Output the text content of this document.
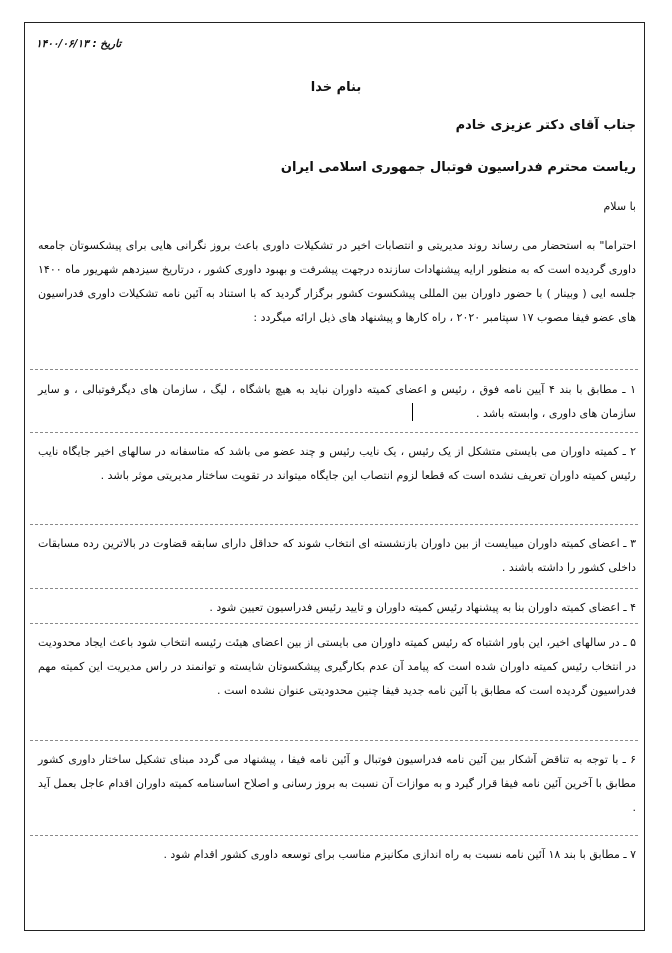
تاریخ : ۱۴۰۰/۰۶/۱۳
بنام خدا
جناب آقای دکتر عزیزی خادم
ریاست محترم فدراسیون فوتبال جمهوری اسلامی ایران
با سلام

احتراما" به استحضار می رساند روند مدیریتی و انتصابات اخیر در تشکیلات داوری باعث بروز نگرانی هایی برای پیشکسوتان جامعه داوری گردیده است که به منظور ارایه پیشنهادات سازنده درجهت پیشرفت و بهبود داوری کشور ، درتاریخ سیزدهم شهریور ماه ۱۴۰۰ جلسه ایی ( وبینار ) با حضور داوران بین المللی پیشکسوت کشور برگزار گردید که با استناد به آئین نامه تشکیلات داوری فدراسیون های عضو فیفا مصوب ۱۷ سپتامبر ۲۰۲۰ ، راه کارها و پیشنهاد های ذیل ارائه میگردد :

۱ ـ مطابق با بند ۴ آیین نامه فوق ، رئیس و اعضای کمیته داوران نباید به هیچ باشگاه ، لیگ ، سازمان های دیگرفوتبالی ، و سایر سازمان های داوری ، وابسته باشد .

۲ ـ کمیته داوران می بایستی متشکل از یک رئیس ، یک نایب رئیس و چند عضو می باشد که متاسفانه در سالهای اخیر جایگاه نایب رئیس کمیته داوران تعریف نشده است که قطعا لزوم انتصاب این جایگاه میتواند در تقویت ساختار مدیریتی موثر باشد .

۳ ـ اعضای کمیته داوران میبایست از بین داوران بازنشسته ای انتخاب شوند که حداقل دارای سابقه قضاوت در بالاترین رده مسابقات داخلی کشور را داشته باشند .

۴ ـ اعضای کمیته داوران بنا به پیشنهاد رئیس کمیته داوران و تایید رئیس فدراسیون تعیین شود .

۵ ـ در سالهای اخیر، این باور اشتباه که رئیس کمیته داوران می بایستی از بین اعضای هیئت رئیسه انتخاب شود باعث ایجاد محدودیت در انتخاب رئیس کمیته داوران شده است که پیامد آن عدم بکارگیری پیشکسوتان شایسته و توانمند در راس مدیریت این کمیته مهم فدراسیون گردیده است که مطابق با آئین نامه جدید فیفا چنین محدودیتی عنوان نشده است .

۶ ـ با توجه به تناقض آشکار بین آئین نامه فدراسیون فوتبال و آئین نامه فیفا ، پیشنهاد می گردد مبنای تشکیل ساختار داوری کشور مطابق با آخرین آئین نامه فیفا قرار گیرد و به موازات آن نسبت به بروز رسانی و اصلاح اساسنامه کمیته داوران اقدام عاجل بعمل آید .

۷ ـ مطابق با بند ۱۸ آئین نامه نسبت به راه اندازی مکانیزم مناسب برای توسعه داوری کشور اقدام شود .
